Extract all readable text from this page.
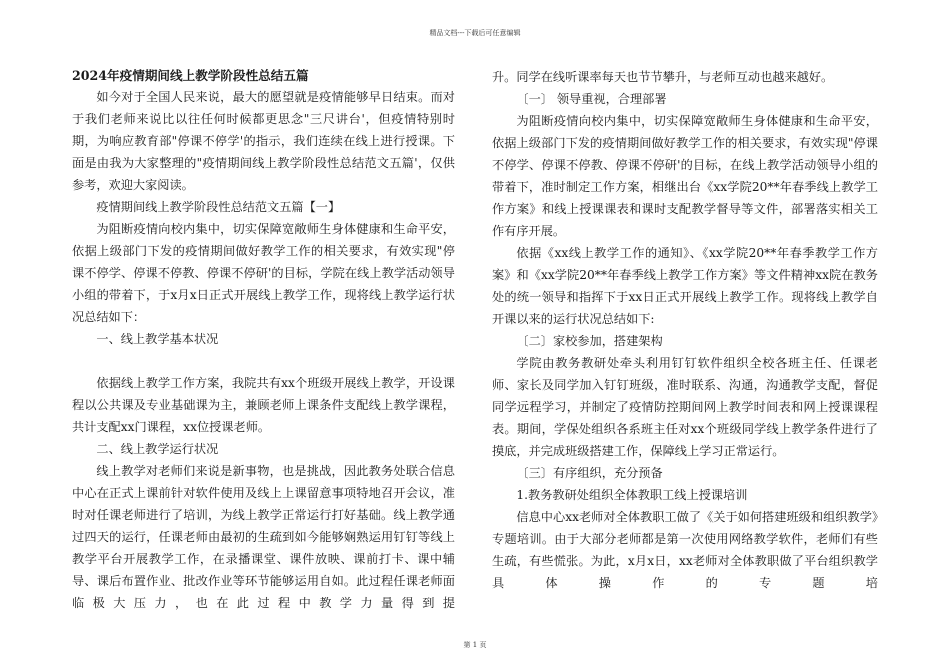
精品文档---下载后可任意编辑

2024年疫情期间线上教学阶段性总结五篇

如今对于全国人民来说，最大的愿望就是疫情能够早日结束。而对于我们老师来说比以往任何时候都更思念"三尺讲台'，但疫情特别时期，为响应教育部"停课不停学'的指示，我们连续在线上进行授课。下面是由我为大家整理的"疫情期间线上教学阶段性总结范文五篇'，仅供参考，欢迎大家阅读。

疫情期间线上教学阶段性总结范文五篇【一】

为阻断疫情向校内集中，切实保障宽敞师生身体健康和生命平安，依据上级部门下发的疫情期间做好教学工作的相关要求，有效实现"停课不停学、停课不停教、停课不停研'的目标，学院在线上教学活动领导小组的带着下，于x月x日正式开展线上教学工作，现将线上教学运行状况总结如下：

一、线上教学基本状况

依据线上教学工作方案，我院共有xx个班级开展线上教学，开设课程以公共课及专业基础课为主，兼顾老师上课条件支配线上教学课程，共计支配xx门课程，xx位授课老师。

二、线上教学运行状况

线上教学对老师们来说是新事物，也是挑战，因此教务处联合信息中心在正式上课前针对软件使用及线上上课留意事项特地召开会议，准时对任课老师进行了培训，为线上教学正常运行打好基础。线上教学通过四天的运行，任课老师由最初的生疏到如今能够娴熟运用钉钉等线上教学平台开展教学工作，在录播课堂、课件放映、课前打卡、课中辅导、课后布置作业、批改作业等环节能够运用自如。此过程任课老师面临极大压力，也在此过程中教学力量得到提

升。同学在线听课率每天也节节攀升，与老师互动也越来越好。

〔一〕 领导重视，合理部署

为阻断疫情向校内集中，切实保障宽敞师生身体健康和生命平安，依据上级部门下发的疫情期间做好教学工作的相关要求，有效实现"停课不停学、停课不停教、停课不停研'的目标，在线上教学活动领导小组的带着下，准时制定工作方案，相继出台《xx学院20**年春季线上教学工作方案》和线上授课课表和课时支配教学督导等文件，部署落实相关工作有序开展。

依据《xx线上教学工作的通知》、《xx学院20**年春季教学工作方案》和《xx学院20**年春季线上教学工作方案》等文件精神xx院在教务处的统一领导和指挥下于xx日正式开展线上教学工作。现将线上教学自开课以来的运行状况总结如下:

〔二〕家校参加，搭建架构

学院由教务教研处牵头利用钉钉软件组织全校各班主任、任课老师、家长及同学加入钉钉班级，准时联系、沟通，沟通教学支配，督促同学远程学习，并制定了疫情防控期间网上教学时间表和网上授课课程表。期间，学保处组织各系班主任对xx个班级同学线上教学条件进行了摸底，并完成班级搭建工作，保障线上学习正常运行。

〔三〕有序组织，充分预备

1.教务教研处组织全体教职工线上授课培训

信息中心xx老师对全体教职工做了《关于如何搭建班级和组织教学》专题培训。由于大部分老师都是第一次使用网络教学软件，老师们有些生疏，有些慌张。为此，x月x日，xx老师对全体教职做了平台组织教学具体操作的专题培

第 1 页
